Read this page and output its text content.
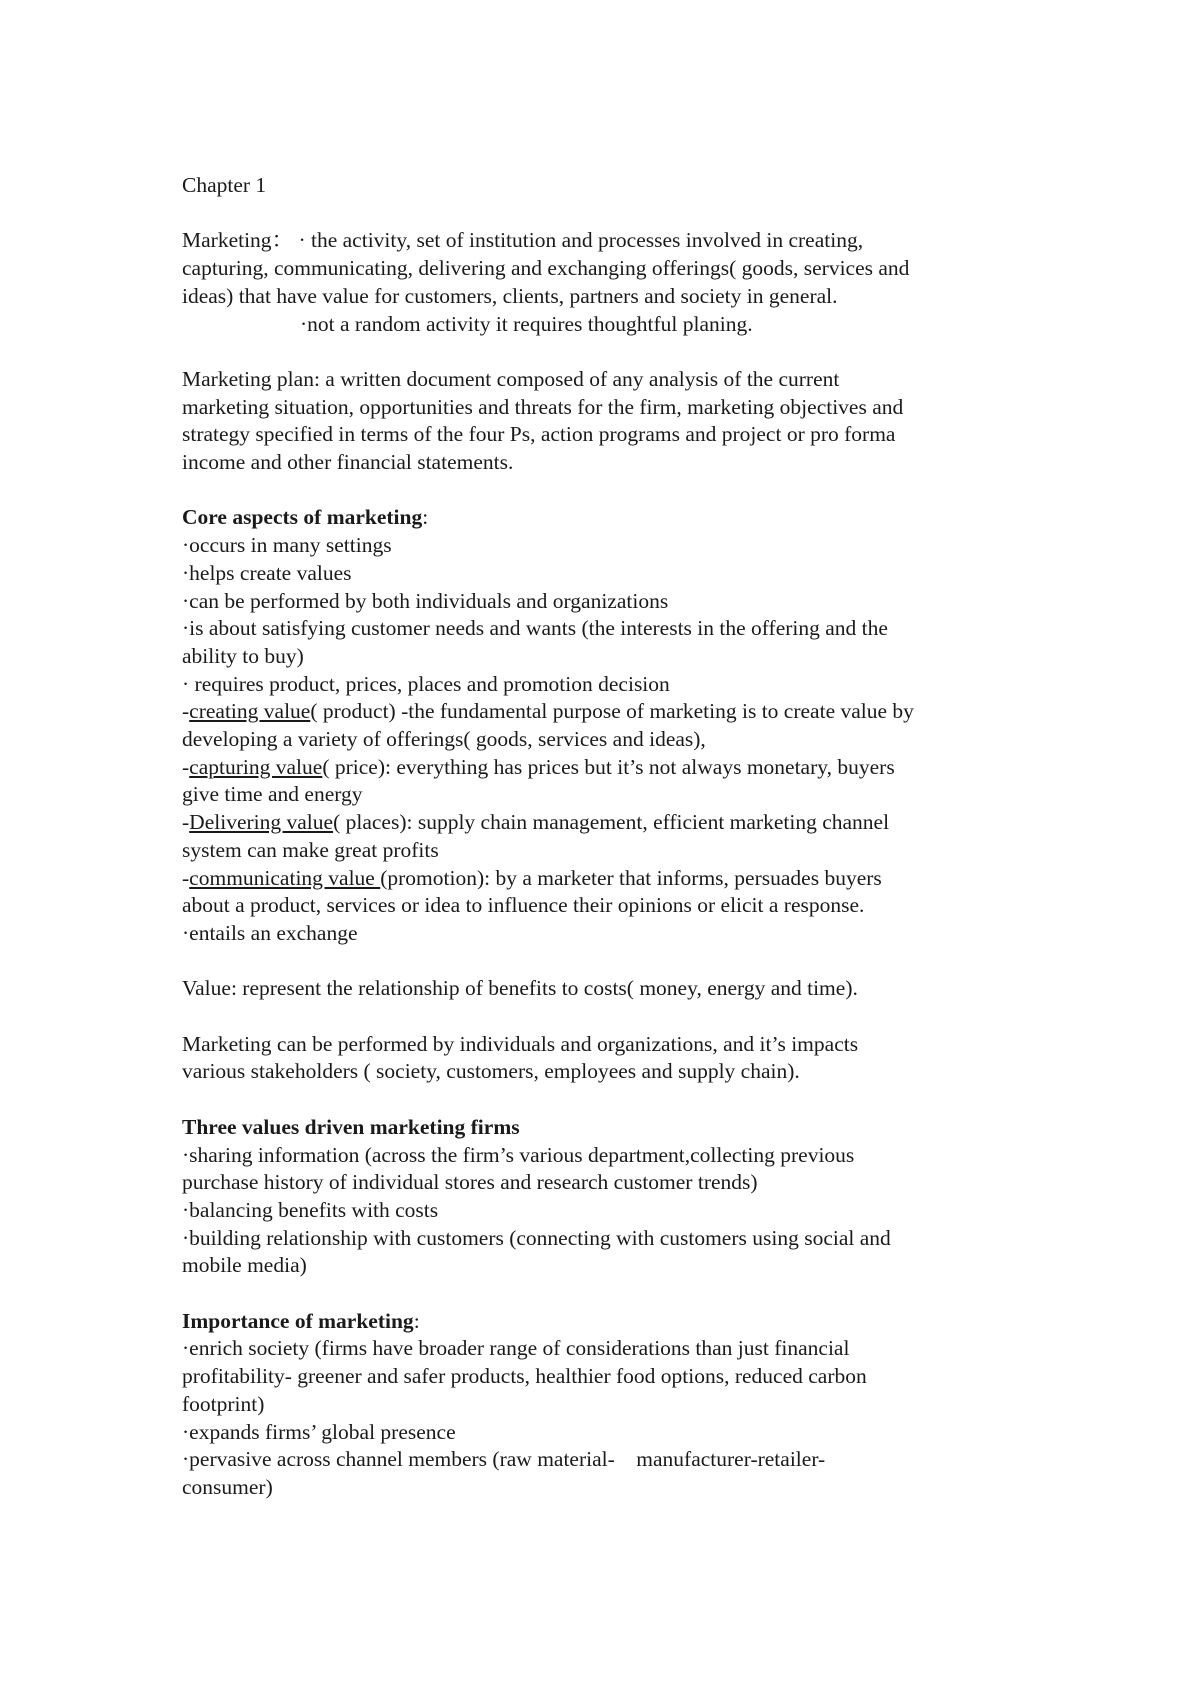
Chapter 1

Marketing： · the activity, set of institution and processes involved in creating,

capturing, communicating, delivering and exchanging offerings( goods, services and

ideas) that have value for customers, clients, partners and society in general.

·not a random activity it requires thoughtful planing.

Marketing plan: a written document composed of any analysis of the current

marketing situation, opportunities and threats for the firm, marketing objectives and

strategy specified in terms of the four Ps, action programs and project or pro forma

income and other financial statements.

Core aspects of marketing:

·occurs in many settings

·helps create values

·can be performed by both individuals and organizations

·is about satisfying customer needs and wants (the interests in the offering and the

ability to buy)

· requires product, prices, places and promotion decision

-creating value( product) -the fundamental purpose of marketing is to create value by

developing a variety of offerings( goods, services and ideas),

-capturing value( price): everything has prices but it’s not always monetary, buyers

give time and energy

-Delivering value( places): supply chain management, efficient marketing channel

system can make great profits

-communicating value (promotion): by a marketer that informs, persuades buyers

about a product, services or idea to influence their opinions or elicit a response.

·entails an exchange

Value: represent the relationship of benefits to costs( money, energy and time).

Marketing can be performed by individuals and organizations, and it’s impacts

various stakeholders ( society, customers, employees and supply chain).

Three values driven marketing firms

·sharing information (across the firm’s various department,collecting previous

purchase history of individual stores and research customer trends)

·balancing benefits with costs

·building relationship with customers (connecting with customers using social and

mobile media)

Importance of marketing:

·enrich society (firms have broader range of considerations than just financial

profitability- greener and safer products, healthier food options, reduced carbon

footprint)

·expands firms’ global presence

·pervasive across channel members (raw material-    manufacturer-retailer-

consumer)
